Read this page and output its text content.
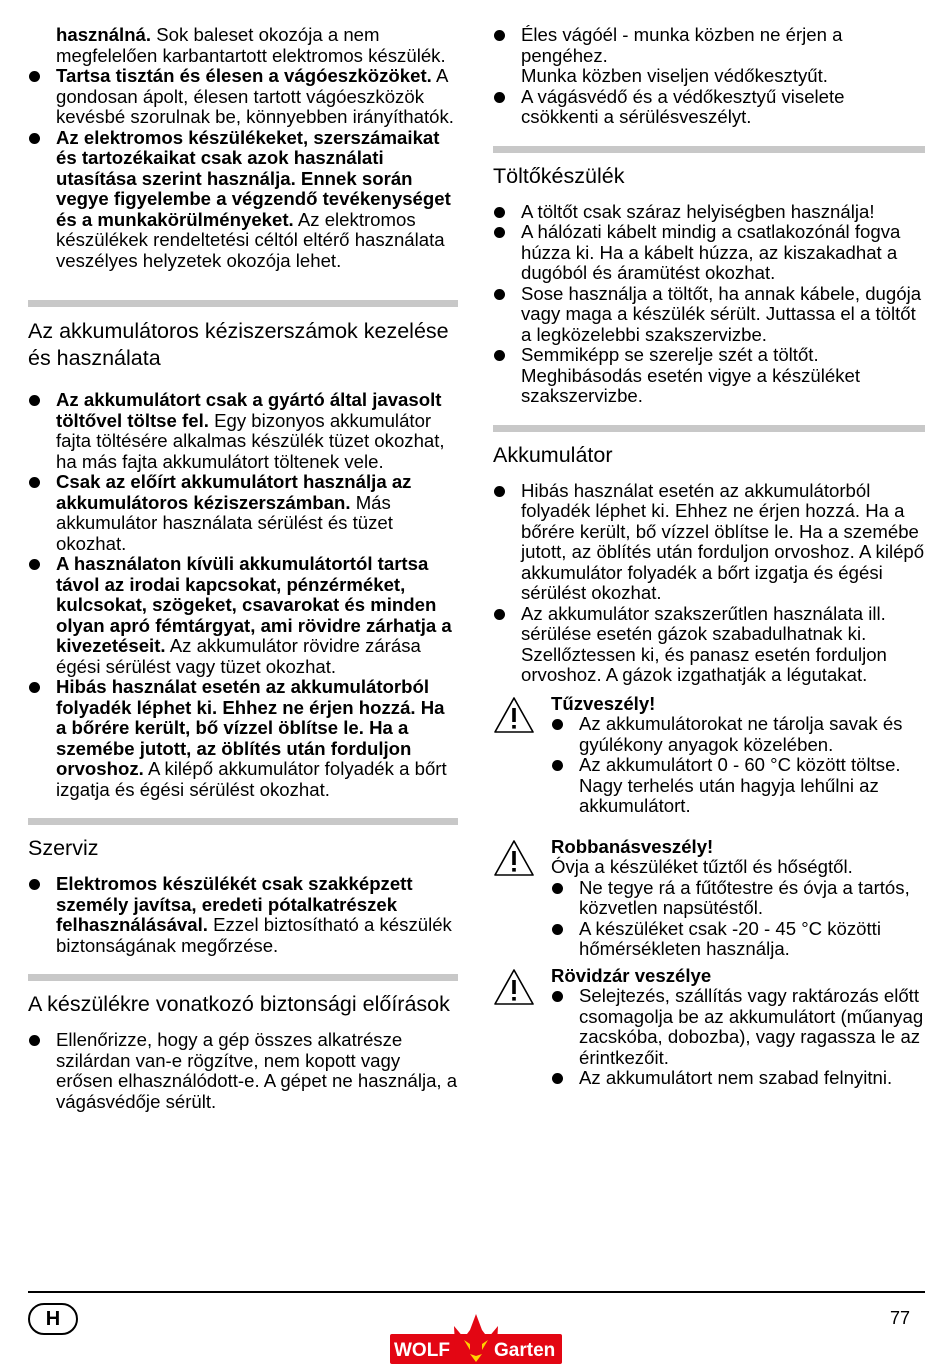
használná. Sok baleset okozója a nem megfelelően karbantartott elektromos készülék.

Tartsa tisztán és élesen a vágóeszközöket. A gondosan ápolt, élesen tartott vágóeszközök kevésbé szorulnak be, könnyebben irányíthatók.
Az elektromos készülékeket, szerszámaikat és tartozékaikat csak azok használati utasítása szerint használja. Ennek során vegye figyelembe a végzendő tevékenységet és a munkakörülményeket. Az elektromos készülékek rendeltetési céltól eltérő használata veszélyes helyzetek okozója lehet.
Az akkumulátoros kéziszerszámok kezelése és használata
Az akkumulátort csak a gyártó által javasolt töltővel töltse fel. Egy bizonyos akkumulátor fajta töltésére alkalmas készülék tüzet okozhat, ha más fajta akkumulátort töltenek vele.
Csak az előírt akkumulátort használja az akkumulátoros kéziszerszámban. Más akkumulátor használata sérülést és tüzet okozhat.
A használaton kívüli akkumulátortól tartsa távol az irodai kapcsokat, pénzérméket, kulcsokat, szögeket, csavarokat és minden olyan apró fémtárgyat, ami rövidre zárhatja a kivezetéseit. Az akkumulátor rövidre zárása égési sérülést vagy tüzet okozhat.
Hibás használat esetén az akkumulátorból folyadék léphet ki. Ehhez ne érjen hozzá. Ha a bőrére került, bő vízzel öblítse le. Ha a szemébe jutott, az öblítés után forduljon orvoshoz. A kilépő akkumulátor folyadék a bőrt izgatja és égési sérülést okozhat.
Szerviz
Elektromos készülékét csak szakképzett személy javítsa, eredeti pótalkatrészek felhasználásával. Ezzel biztosítható a készülék biztonságának megőrzése.
A készülékre vonatkozó biztonsági előírások
Ellenőrizze, hogy a gép összes alkatrésze szilárdan van-e rögzítve, nem kopott vagy erősen elhasználódott-e. A gépet ne használja, a vágásvédője sérült.
Éles vágóél - munka közben ne érjen a pengéhez.
Munka közben viseljen védőkesztyűt.
A vágásvédő és a védőkesztyű viselete csökkenti a sérülésveszélyt.
Töltőkészülék
A töltőt csak száraz helyiségben használja!
A hálózati kábelt mindig a csatlakozónál fogva húzza ki. Ha a kábelt húzza, az kiszakadhat a dugóból és áramütést okozhat.
Sose használja a töltőt, ha annak kábele, dugója vagy maga a készülék sérült. Juttassa el a töltőt a legközelebbi szakszervizbe.
Semmiképp se szerelje szét a töltőt. Meghibásodás esetén vigye a készüléket szakszervizbe.
Akkumulátor
Hibás használat esetén az akkumulátorból folyadék léphet ki. Ehhez ne érjen hozzá. Ha a bőrére került, bő vízzel öblítse le. Ha a szemébe jutott, az öblítés után forduljon orvoshoz. A kilépő akkumulátor folyadék a bőrt izgatja és égési sérülést okozhat.
Az akkumulátor szakszerűtlen használata ill. sérülése esetén gázok szabadulhatnak ki. Szellőztessen ki, és panasz esetén forduljon orvoshoz. A gázok izgathatják a légutakat.
Tűzveszély!
Az akkumulátorokat ne tárolja savak és gyúlékony anyagok közelében.
Az akkumulátort 0 - 60 °C között töltse. Nagy terhelés után hagyja lehűlni az akkumulátort.
Robbanásveszély!

Óvja a készüléket tűztől és hőségtől.

Ne tegye rá a fűtőtestre és óvja a tartós, közvetlen napsütéstől.
A készüléket csak -20 - 45 °C közötti hőmérsékleten használja.
Rövidzár veszélye
Selejtezés, szállítás vagy raktározás előtt csomagolja be az akkumulátort (műanyag zacskóba, dobozba), vagy ragassza le az érintkezőit.
Az akkumulátort nem szabad felnyitni.
H	77
WOLF Garten
